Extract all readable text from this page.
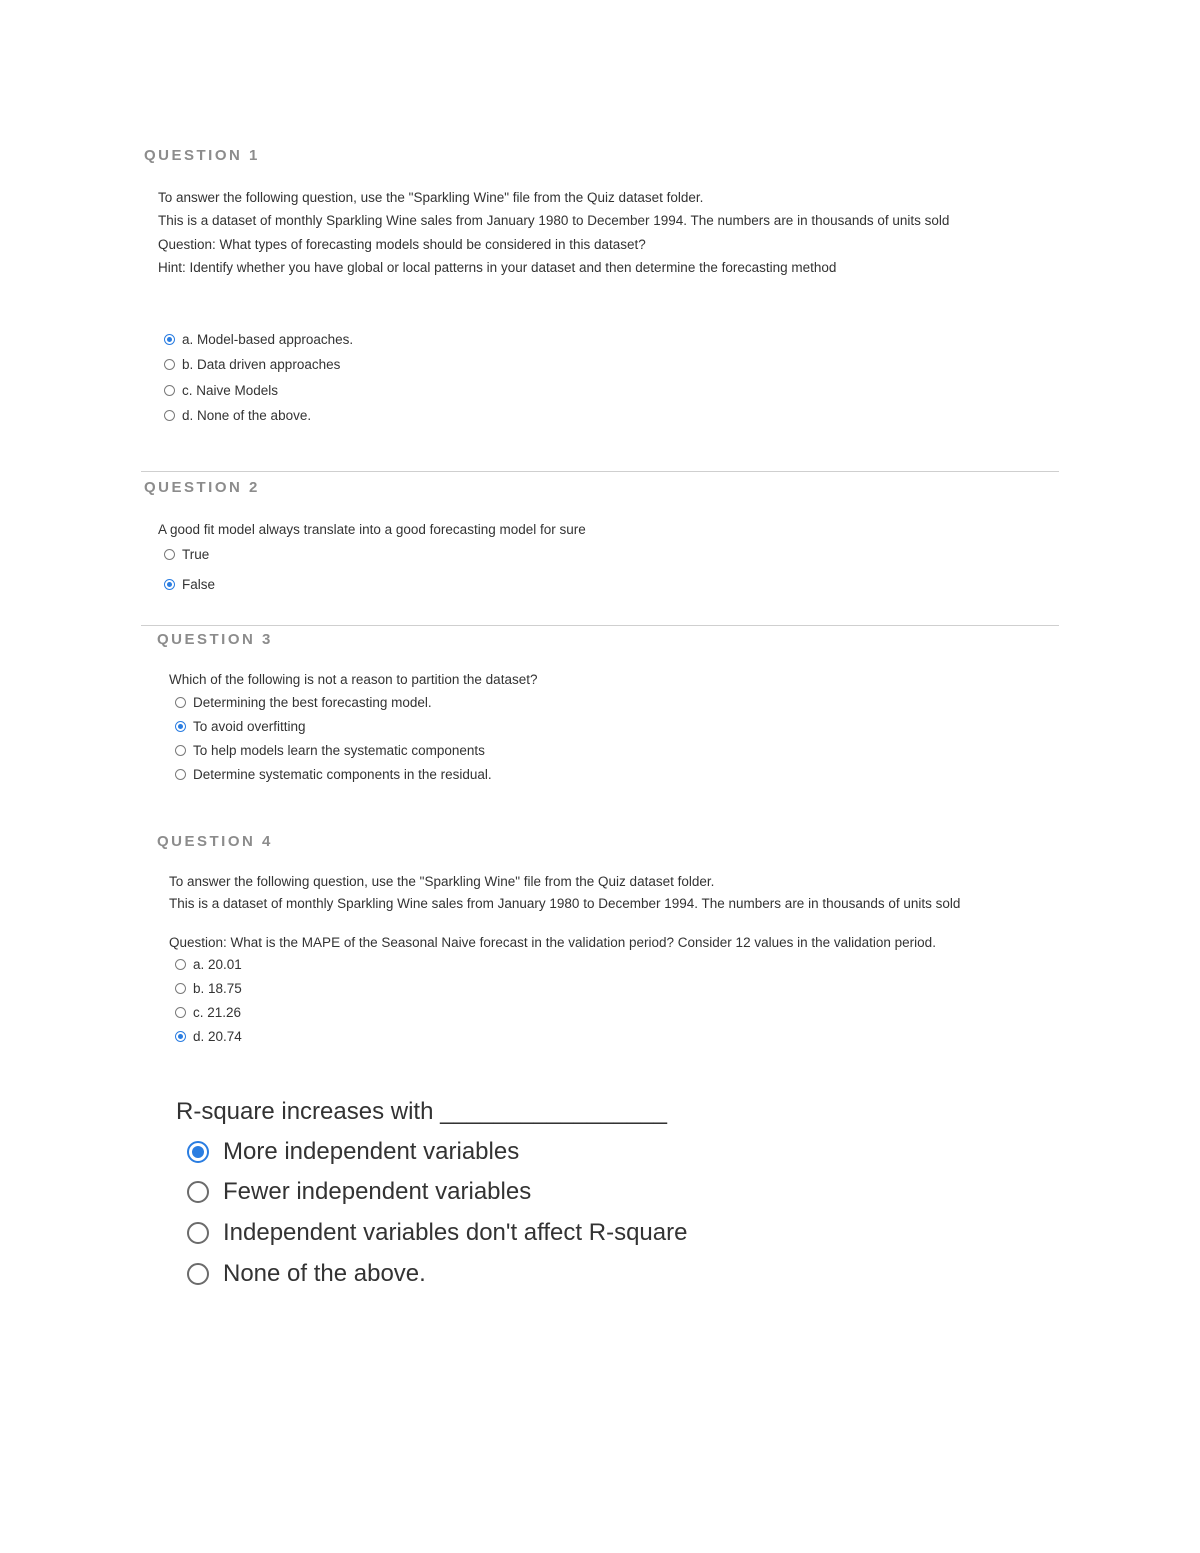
QUESTION 1
To answer the following question, use the "Sparkling Wine" file from the Quiz dataset folder.
This is a dataset of monthly Sparkling Wine sales from January 1980 to December 1994. The numbers are in thousands of units sold
Question: What types of forecasting models should be considered in this dataset?
Hint: Identify whether you have global or local patterns in your dataset and then determine the forecasting method
a. Model-based approaches.
b. Data driven approaches
c. Naive Models
d. None of the above.
QUESTION 2
A good fit model always translate into a good forecasting model for sure
True
False
QUESTION 3
Which of the following is not a reason to partition the dataset?
Determining the best forecasting model.
To avoid overfitting
To help models learn the systematic components
Determine systematic components in the residual.
QUESTION 4
To answer the following question, use the "Sparkling Wine" file from the Quiz dataset folder.
This is a dataset of monthly Sparkling Wine sales from January 1980 to December 1994. The numbers are in thousands of units sold
Question: What is the MAPE of the Seasonal Naive forecast in the validation period? Consider 12 values in the validation period.
a. 20.01
b. 18.75
c. 21.26
d. 20.74
R-square increases with _________________
More independent variables
Fewer independent variables
Independent variables don't affect R-square
None of the above.
